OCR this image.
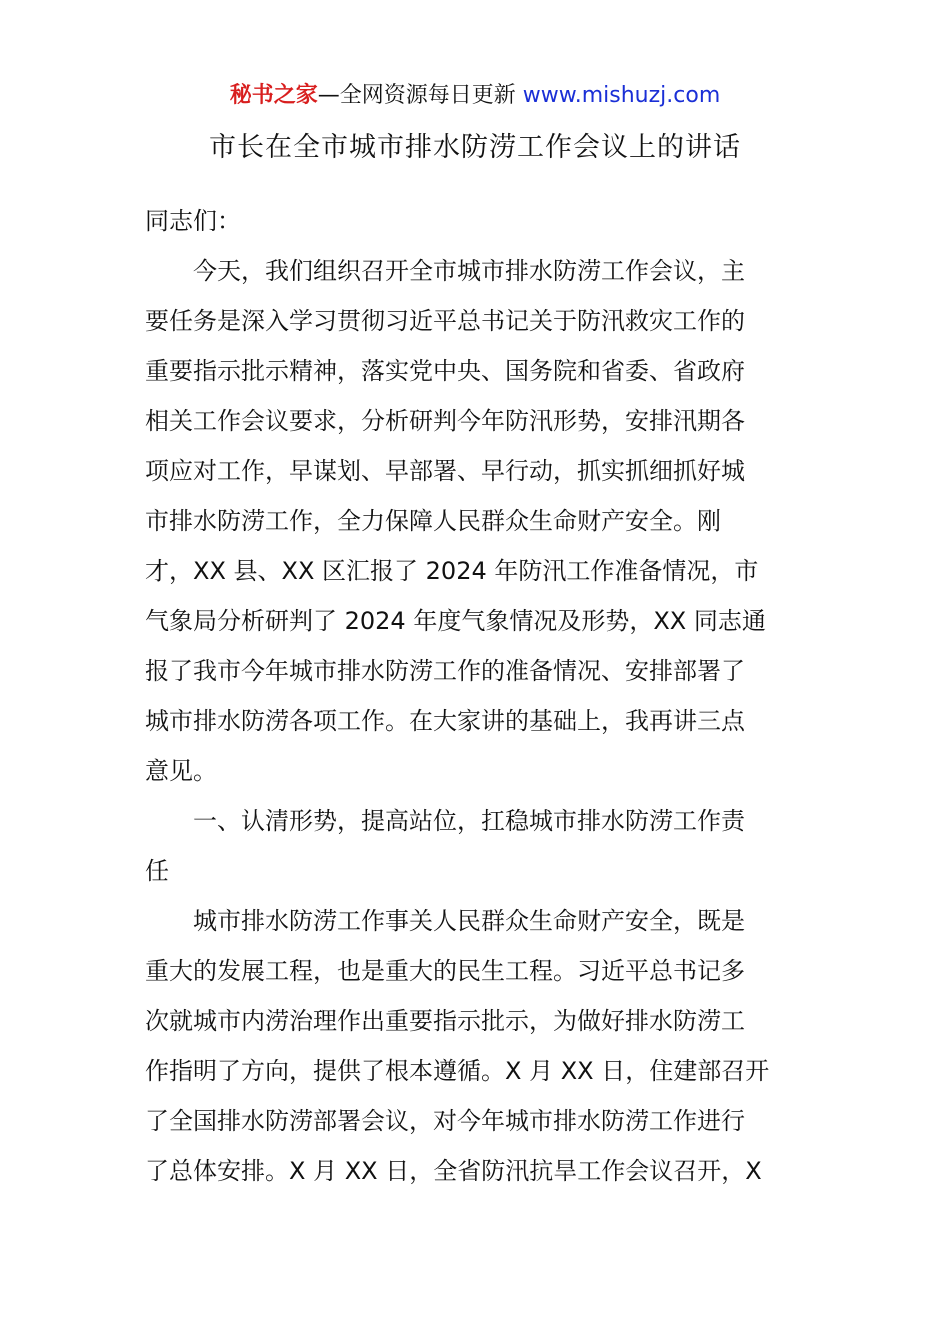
秘书之家—全网资源每日更新 www.mishuzj.com
市长在全市城市排水防涝工作会议上的讲话
同志们：
今天，我们组织召开全市城市排水防涝工作会议，主
要任务是深入学习贯彻习近平总书记关于防汛救灾工作的
重要指示批示精神，落实党中央、国务院和省委、省政府
相关工作会议要求，分析研判今年防汛形势，安排汛期各
项应对工作，早谋划、早部署、早行动，抓实抓细抓好城
市排水防涝工作，全力保障人民群众生命财产安全。刚
才，XX 县、XX 区汇报了 2024 年防汛工作准备情况，市
气象局分析研判了 2024 年度气象情况及形势，XX 同志通
报了我市今年城市排水防涝工作的准备情况、安排部署了
城市排水防涝各项工作。在大家讲的基础上，我再讲三点
意见。
一、认清形势，提高站位，扛稳城市排水防涝工作责
任
城市排水防涝工作事关人民群众生命财产安全，既是
重大的发展工程，也是重大的民生工程。习近平总书记多
次就城市内涝治理作出重要指示批示，为做好排水防涝工
作指明了方向，提供了根本遵循。X 月 XX 日，住建部召开
了全国排水防涝部署会议，对今年城市排水防涝工作进行
了总体安排。X 月 XX 日，全省防汛抗旱工作会议召开，X
